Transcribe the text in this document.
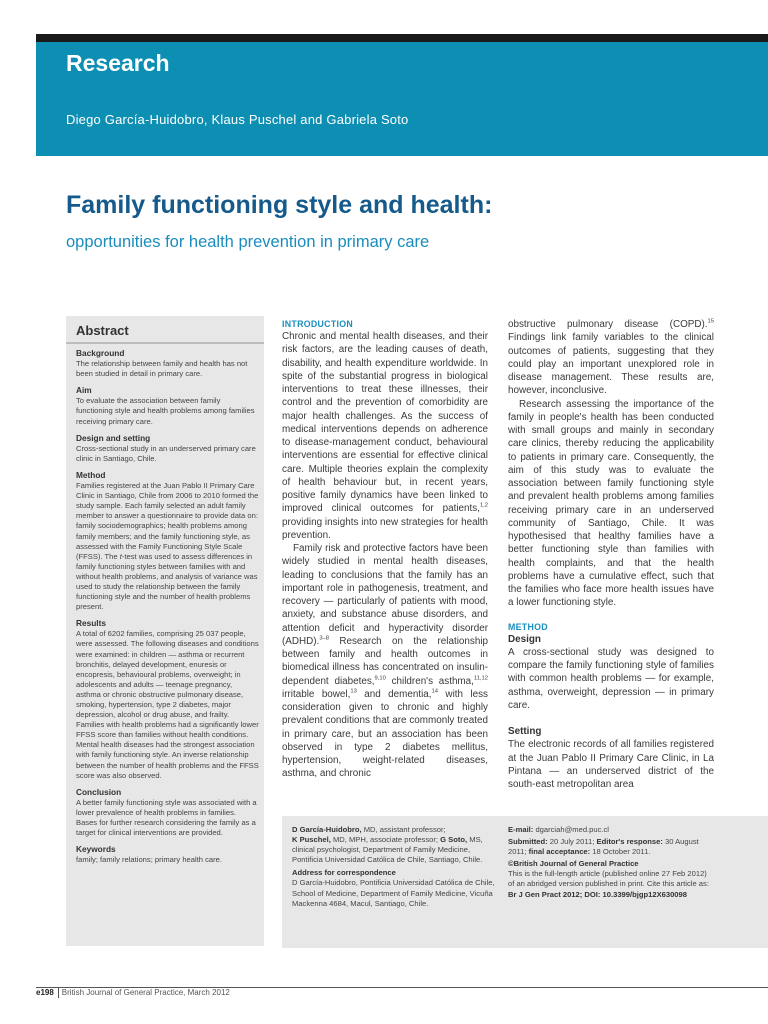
Research
Diego García-Huidobro, Klaus Puschel and Gabriela Soto
Family functioning style and health:
opportunities for health prevention in primary care
Abstract
Background
The relationship between family and health has not been studied in detail in primary care.
Aim
To evaluate the association between family functioning style and health problems among families receiving primary care.
Design and setting
Cross-sectional study in an underserved primary care clinic in Santiago, Chile.
Method
Families registered at the Juan Pablo II Primary Care Clinic in Santiago, Chile from 2006 to 2010 formed the study sample. Each family selected an adult family member to answer a questionnaire to provide data on: family sociodemographics; health problems among family members; and the family functioning style, as assessed with the Family Functioning Style Scale (FFSS). The t-test was used to assess differences in family functioning styles between families with and without health problems, and analysis of variance was used to study the relationship between the family functioning style and the number of health problems present.
Results
A total of 6202 families, comprising 25 037 people, were assessed. The following diseases and conditions were examined: in children — asthma or recurrent bronchitis, delayed development, enuresis or encopresis, behavioural problems, overweight; in adolescents and adults — teenage pregnancy, asthma or chronic obstructive pulmonary disease, smoking, hypertension, type 2 diabetes, major depression, alcohol or drug abuse, and frailty. Families with health problems had a significantly lower FFSS score than families without health conditions. Mental health diseases had the strongest association with family functioning style. An inverse relationship between the number of health problems and the FFSS score was also observed.
Conclusion
A better family functioning style was associated with a lower prevalence of health problems in families. Bases for further research considering the family as a target for clinical interventions are provided.
Keywords
family; family relations; primary health care.
INTRODUCTION

Chronic and mental health diseases, and their risk factors, are the leading causes of death, disability, and health expenditure worldwide. In spite of the substantial progress in biological interventions to treat these illnesses, their control and the prevention of comorbidity are major health challenges. As the success of medical interventions depends on adherence to disease-management conduct, behavioural interventions are essential for effective clinical care. Multiple theories explain the complexity of health behaviour but, in recent years, positive family dynamics have been linked to improved clinical outcomes for patients,$^{1,2}$ providing insights into new strategies for health prevention.

Family risk and protective factors have been widely studied in mental health diseases, leading to conclusions that the family has an important role in pathogenesis, treatment, and recovery — particularly of patients with mood, anxiety, and substance abuse disorders, and attention deficit and hyperactivity disorder (ADHD).$^{3-8}$ Research on the relationship between family and health outcomes in biomedical illness has concentrated on insulin-dependent diabetes,$^{9,10}$ children's asthma,$^{11,12}$ irritable bowel,$^{13}$ and dementia,$^{14}$ with less consideration given to chronic and highly prevalent conditions that are commonly treated in primary care, but an association has been observed in type 2 diabetes mellitus, hypertension, weight-related diseases, asthma, and chronic

obstructive pulmonary disease (COPD).$^{15}$ Findings link family variables to the clinical outcomes of patients, suggesting that they could play an important unexplored role in disease management. These results are, however, inconclusive.

Research assessing the importance of the family in people's health has been conducted with small groups and mainly in secondary care clinics, thereby reducing the applicability to patients in primary care. Consequently, the aim of this study was to evaluate the association between family functioning style and prevalent health problems among families receiving primary care in an underserved community of Santiago, Chile. It was hypothesised that healthy families have a better functioning style than families with health complaints, and that the health problems have a cumulative effect, such that the families who face more health issues have a lower functioning style.

METHOD
Design

A cross-sectional study was designed to compare the family functioning style of families with common health problems — for example, asthma, overweight, depression — in primary care.

Setting

The electronic records of all families registered at the Juan Pablo II Primary Care Clinic, in La Pintana — an underserved district of the south-east metropolitan area

D García-Huidobro, MD, assistant professor;
K Puschel, MD, MPH, associate professor; G Soto, MS, clinical psychologist, Department of Family Medicine, Pontificia Universidad Católica de Chile, Santiago, Chile.
Address for correspondence
D García-Huidobro, Pontificia Universidad Católica de Chile, School of Medicine, Department of Family Medicine, Vicuña Mackenna 4684, Macul, Santiago, Chile.
E-mail: dgarciah@med.puc.cl
Submitted: 20 July 2011; Editor's response: 30 August 2011; final acceptance: 18 October 2011.
©British Journal of General Practice
This is the full-length article (published online 27 Feb 2012) of an abridged version published in print. Cite this article as: Br J Gen Pract 2012; DOI: 10.3399/bjgp12X630098
e198 British Journal of General Practice, March 2012
